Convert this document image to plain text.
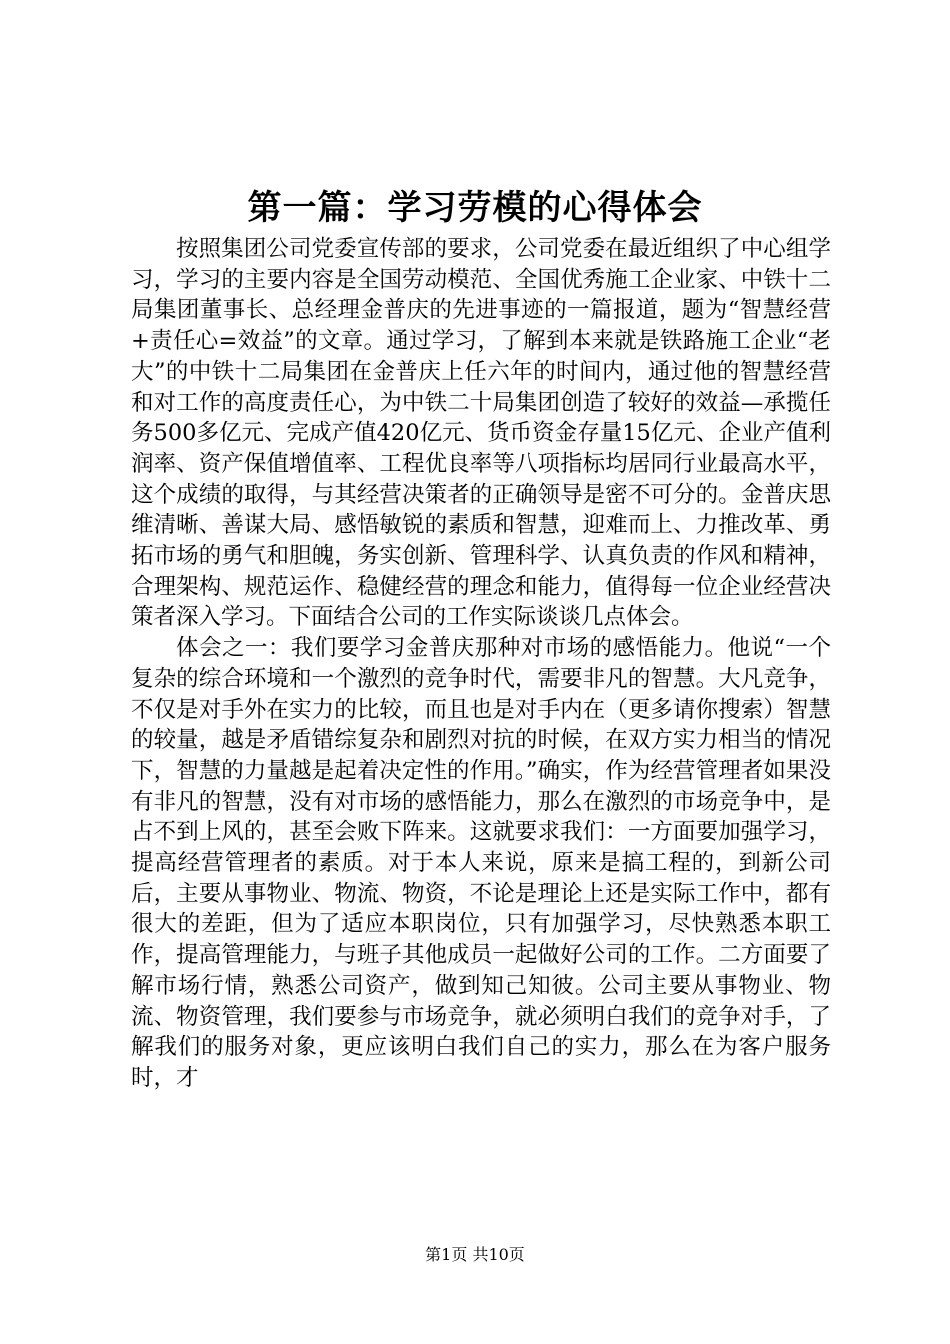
第一篇：学习劳模的心得体会

按照集团公司党委宣传部的要求，公司党委在最近组织了中心组学习，学习的主要内容是全国劳动模范、全国优秀施工企业家、中铁十二局集团董事长、总经理金普庆的先进事迹的一篇报道，题为“智慧经营+责任心=效益”的文章。通过学习，了解到本来就是铁路施工企业“老大”的中铁十二局集团在金普庆上任六年的时间内，通过他的智慧经营和对工作的高度责任心，为中铁二十局集团创造了较好的效益—承揽任务500多亿元、完成产值420亿元、货币资金存量15亿元、企业产值利润率、资产保值增值率、工程优良率等八项指标均居同行业最高水平，这个成绩的取得，与其经营决策者的正确领导是密不可分的。金普庆思维清晰、善谋大局、感悟敏锐的素质和智慧，迎难而上、力推改革、勇拓市场的勇气和胆魄，务实创新、管理科学、认真负责的作风和精神，合理架构、规范运作、稳健经营的理念和能力，值得每一位企业经营决策者深入学习。下面结合公司的工作实际谈谈几点体会。

体会之一：我们要学习金普庆那种对市场的感悟能力。他说“一个复杂的综合环境和一个激烈的竞争时代，需要非凡的智慧。大凡竞争，不仅是对手外在实力的比较，而且也是对手内在（更多请你搜索）智慧的较量，越是矛盾错综复杂和剧烈对抗的时候，在双方实力相当的情况下，智慧的力量越是起着决定性的作用。”确实，作为经营管理者如果没有非凡的智慧，没有对市场的感悟能力，那么在激烈的市场竞争中，是占不到上风的，甚至会败下阵来。这就要求我们：一方面要加强学习，提高经营管理者的素质。对于本人来说，原来是搞工程的，到新公司后，主要从事物业、物流、物资，不论是理论上还是实际工作中，都有很大的差距，但为了适应本职岗位，只有加强学习，尽快熟悉本职工作，提高管理能力，与班子其他成员一起做好公司的工作。二方面要了解市场行情，熟悉公司资产，做到知己知彼。公司主要从事物业、物流、物资管理，我们要参与市场竞争，就必须明白我们的竞争对手，了解我们的服务对象，更应该明白我们自己的实力，那么在为客户服务时，才

第1页 共10页
